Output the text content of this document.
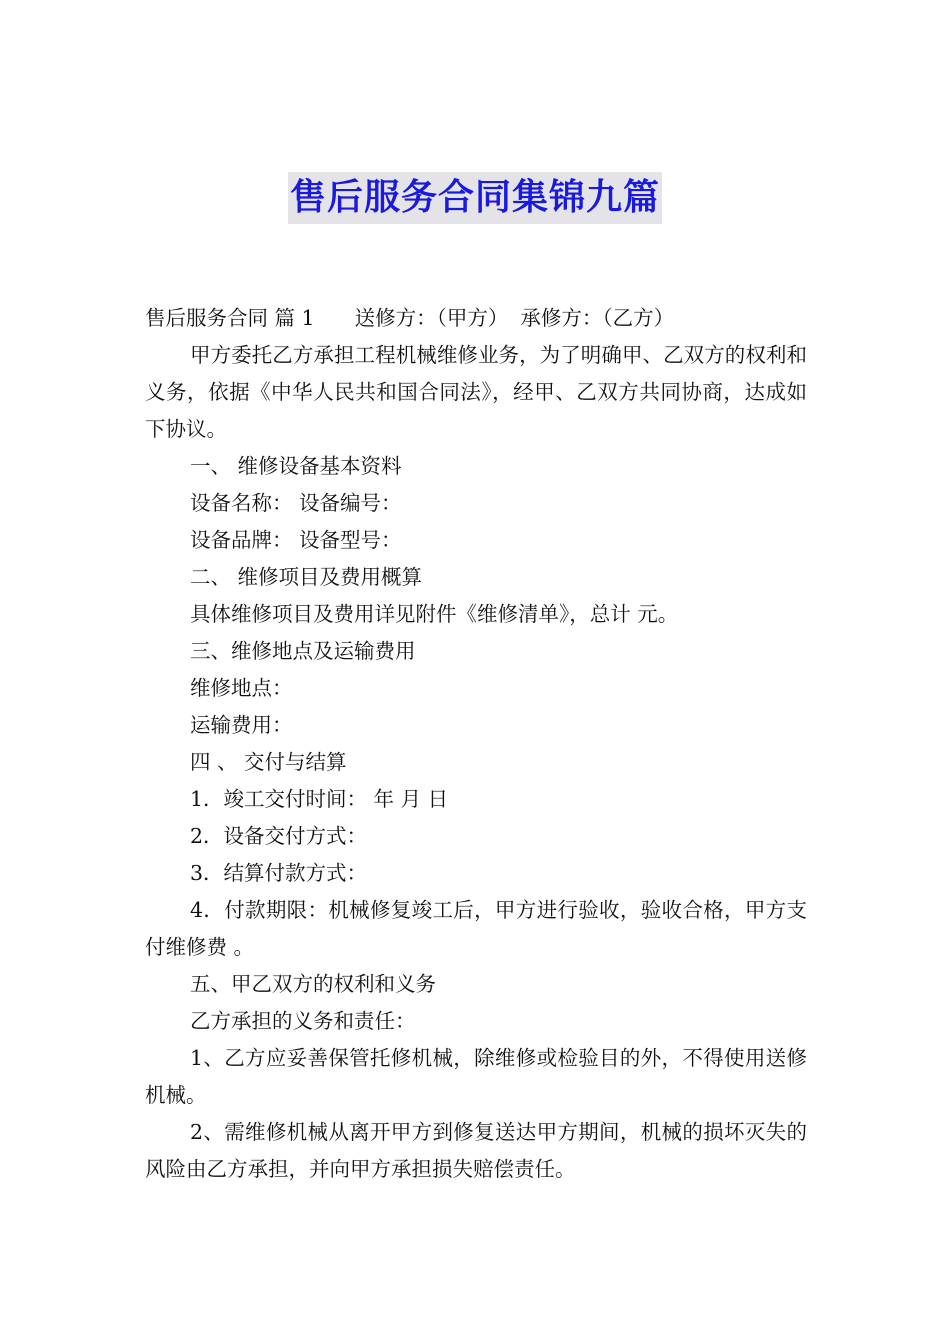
售后服务合同集锦九篇

售后服务合同 篇 1 送修方：（甲方） 承修方：（乙方）

甲方委托乙方承担工程机械维修业务，为了明确甲、乙双方的权利和义务，依据《中华人民共和国合同法》，经甲、乙双方共同协商，达成如下协议。

一、 维修设备基本资料

设备名称： 设备编号：

设备品牌： 设备型号：

二、 维修项目及费用概算

具体维修项目及费用详见附件《维修清单》，总计 元。

三、维修地点及运输费用

维修地点：

运输费用：

四 、 交付与结算

1．竣工交付时间： 年 月 日

2．设备交付方式：

3．结算付款方式：

4．付款期限：机械修复竣工后，甲方进行验收，验收合格，甲方支付维修费 。

五、甲乙双方的权利和义务

乙方承担的义务和责任：

1、乙方应妥善保管托修机械，除维修或检验目的外，不得使用送修机械。

2、需维修机械从离开甲方到修复送达甲方期间，机械的损坏灭失的风险由乙方承担，并向甲方承担损失赔偿责任。
